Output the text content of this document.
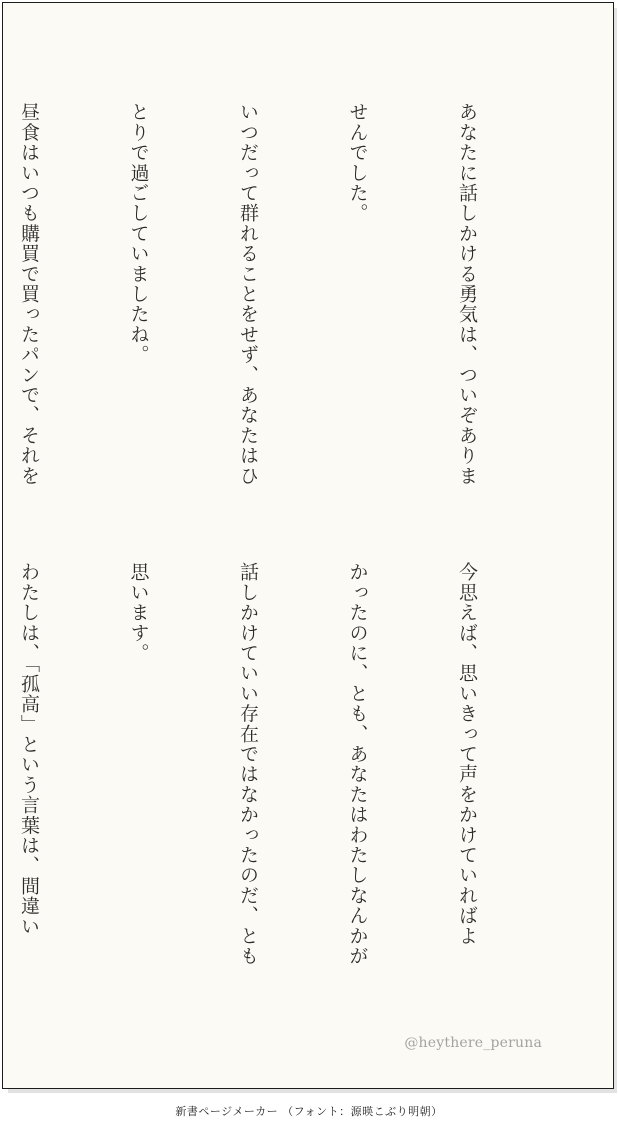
あなたに話しかける勇気は、ついぞありま

せんでした。

いつだって群れることをせず、あなたはひ

とりで過ごしていましたね。

昼食はいつも購買で買ったパンで、それを

今思えば、思いきって声をかけていればよ

かったのに、とも、あなたはわたしなんかが

話しかけていい存在ではなかったのだ、とも

思います。

わたしは、「孤高」という言葉は、間違い

@heythere_peruna
新書ページメーカー （フォント：源暎こぶり明朝）
